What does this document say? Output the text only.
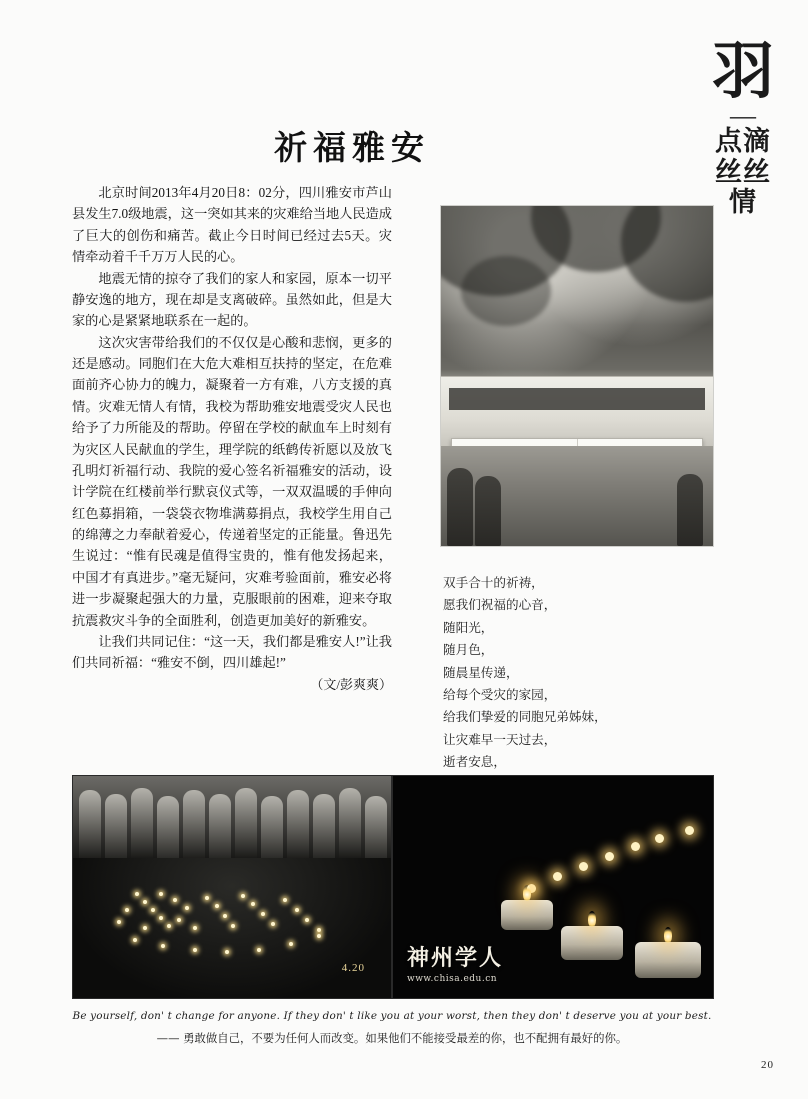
羽
—
点滴丝丝情
祈福雅安

北京时间2013年4月20日8：02分，四川雅安市芦山县发生7.0级地震，这一突如其来的灾难给当地人民造成了巨大的创伤和痛苦。截止今日时间已经过去5天。灾情牵动着千千万万人民的心。

地震无情的掠夺了我们的家人和家园，原本一切平静安逸的地方，现在却是支离破碎。虽然如此，但是大家的心是紧紧地联系在一起的。

这次灾害带给我们的不仅仅是心酸和悲悯，更多的还是感动。同胞们在大危大难相互扶持的坚定，在危难面前齐心协力的魄力，凝聚着一方有难，八方支援的真情。灾难无情人有情，我校为帮助雅安地震受灾人民也给予了力所能及的帮助。停留在学校的献血车上时刻有为灾区人民献血的学生，理学院的纸鹤传祈愿以及放飞孔明灯祈福行动、我院的爱心签名祈福雅安的活动，设计学院在红楼前举行默哀仪式等，一双双温暖的手伸向红色募捐箱，一袋袋衣物堆满募捐点，我校学生用自己的绵薄之力奉献着爱心，传递着坚定的正能量。鲁迅先生说过：“惟有民魂是值得宝贵的，惟有他发扬起来，中国才有真进步。”毫无疑问，灾难考验面前，雅安必将进一步凝聚起强大的力量，克服眼前的困难，迎来夺取抗震救灾斗争的全面胜利，创造更加美好的新雅安。

让我们共同记住：“这一天，我们都是雅安人!”让我们共同祈福：“雅安不倒，四川雄起!”

（文/彭爽爽）

双手合十的祈祷，
愿我们祝福的心音，
随阳光，
随月色，
随晨星传递，
给每个受灾的家园，
给我们挚爱的同胞兄弟姊妹，
让灾难早一天过去，
逝者安息，
4.20 神州学人
www.chisa.edu.cn
Be yourself, don' t change for anyone. If they don' t like you at your worst, then they don' t deserve you at your best.
—— 勇敢做自己，不要为任何人而改变。如果他们不能接受最差的你，也不配拥有最好的你。
20
